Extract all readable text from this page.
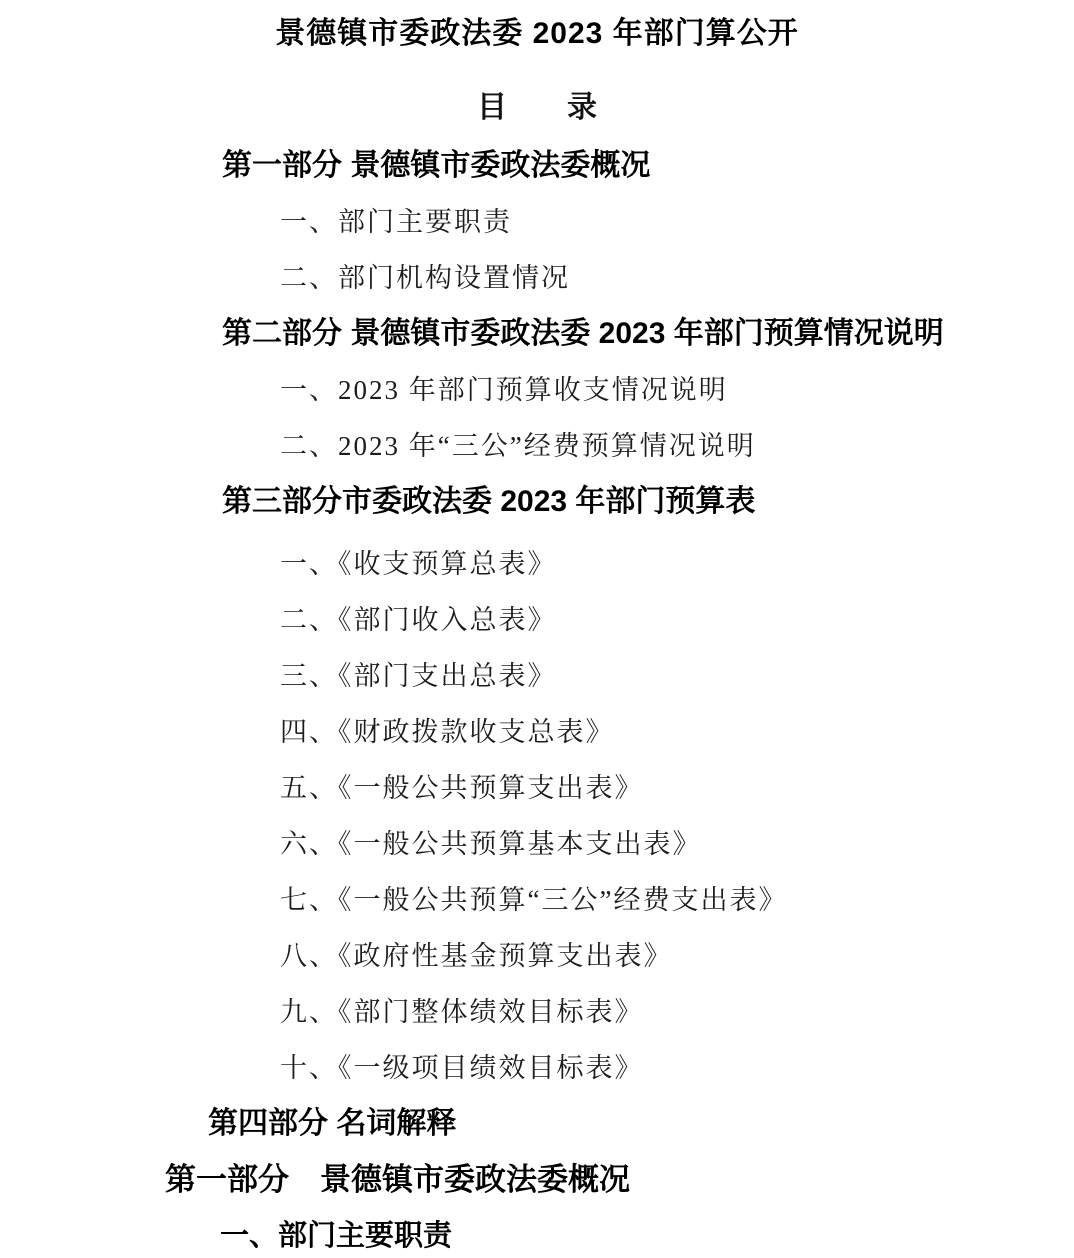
景德镇市委政法委 2023 年部门算公开
目　　录
第一部分 景德镇市委政法委概况
一、部门主要职责
二、部门机构设置情况
第二部分 景德镇市委政法委 2023 年部门预算情况说明
一、2023 年部门预算收支情况说明
二、2023 年“三公”经费预算情况说明
第三部分市委政法委 2023 年部门预算表
一、《收支预算总表》
二、《部门收入总表》
三、《部门支出总表》
四、《财政拨款收支总表》
五、《一般公共预算支出表》
六、《一般公共预算基本支出表》
七、《一般公共预算“三公”经费支出表》
八、《政府性基金预算支出表》
九、《部门整体绩效目标表》
十、《一级项目绩效目标表》
第四部分 名词解释
第一部分　景德镇市委政法委概况
一、部门主要职责
